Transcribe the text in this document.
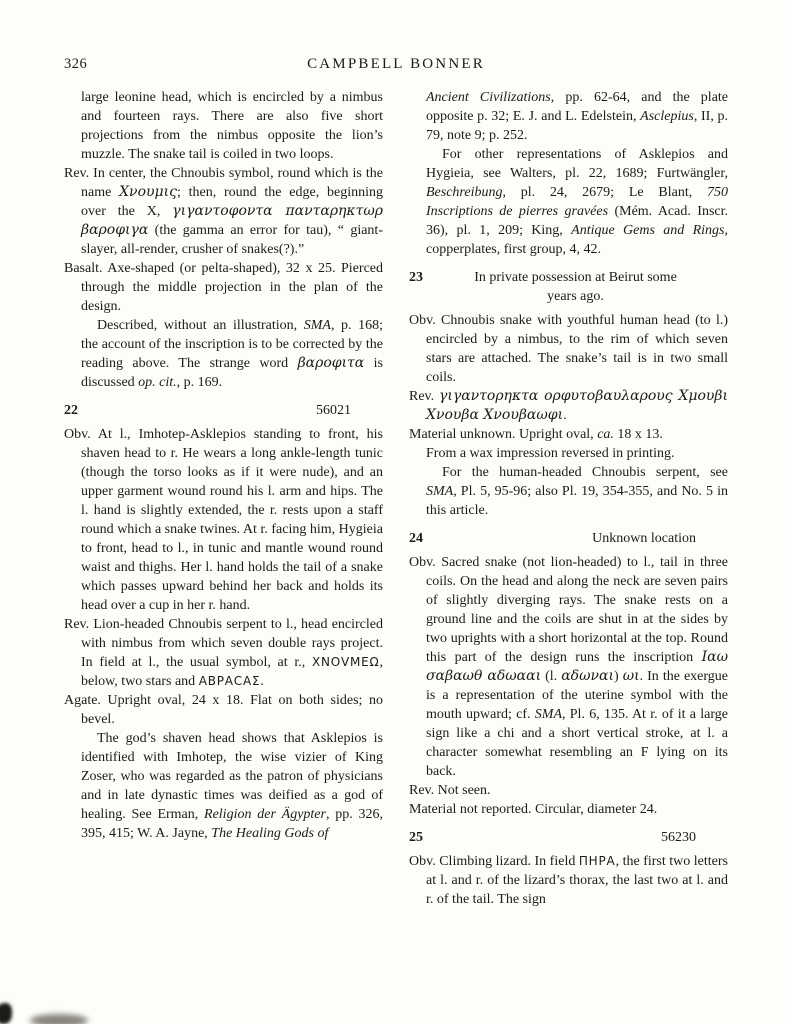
326	CAMPBELL BONNER

large leonine head, which is encircled by a nimbus and fourteen rays. There are also five short projections from the nimbus opposite the lion’s muzzle. The snake tail is coiled in two loops.

Rev. In center, the Chnoubis symbol, round which is the name Χνουμις; then, round the edge, beginning over the X, γιγαντοφοντα πανταρηκτωρ βαροφιγα (the gamma an error for tau), “ giant-slayer, all-render, crusher of snakes(?).”

Basalt. Axe-shaped (or pelta-shaped), 32 x 25. Pierced through the middle projection in the plan of the design.

Described, without an illustration, SMA, p. 168; the account of the inscription is to be corrected by the reading above. The strange word βαροφιτα is discussed op. cit., p. 169.

22	56021

Obv. At l., Imhotep-Asklepios standing to front, his shaven head to r. He wears a long ankle-length tunic (though the torso looks as if it were nude), and an upper garment wound round his l. arm and hips. The l. hand is slightly extended, the r. rests upon a staff round which a snake twines. At r. facing him, Hygieia to front, head to l., in tunic and mantle wound round waist and thighs. Her l. hand holds the tail of a snake which passes upward behind her back and holds its head over a cup in her r. hand.

Rev. Lion-headed Chnoubis serpent to l., head encircled with nimbus from which seven double rays project. In field at l., the usual symbol, at r., ΧΝΟVΜΕΩ, below, two stars and ΑΒΡΑCΑΣ.

Agate. Upright oval, 24 x 18. Flat on both sides; no bevel.

The god’s shaven head shows that Asklepios is identified with Imhotep, the wise vizier of King Zoser, who was regarded as the patron of physicians and in late dynastic times was deified as a god of healing. See Erman, Religion der Ägypter, pp. 326, 395, 415; W. A. Jayne, The Healing Gods of

Ancient Civilizations, pp. 62-64, and the plate opposite p. 32; E. J. and L. Edelstein, Asclepius, II, p. 79, note 9; p. 252.

For other representations of Asklepios and Hygieia, see Walters, pl. 22, 1689; Furtwängler, Beschreibung, pl. 24, 2679; Le Blant, 750 Inscriptions de pierres gravées (Mém. Acad. Inscr. 36), pl. 1, 209; King, Antique Gems and Rings, copperplates, first group, 4, 42.

23	In private possession at Beirut some
years ago.

Obv. Chnoubis snake with youthful human head (to l.) encircled by a nimbus, to the rim of which seven stars are attached. The snake’s tail is in two small coils.

Rev. γιγαντορηκτα ορφυτοβαυλαρους Χμουβι Χνουβα Χνουβαωφι.

Material unknown. Upright oval, ca. 18 x 13.

From a wax impression reversed in printing.

For the human-headed Chnoubis serpent, see SMA, Pl. 5, 95-96; also Pl. 19, 354-355, and No. 5 in this article.

24	Unknown location

Obv. Sacred snake (not lion-headed) to l., tail in three coils. On the head and along the neck are seven pairs of slightly diverging rays. The snake rests on a ground line and the coils are shut in at the sides by two uprights with a short horizontal at the top. Round this part of the design runs the inscription Ιαω σαβαωθ αδωααι (l. αδωναι) ωι. In the exergue is a representation of the uterine symbol with the mouth upward; cf. SMA, Pl. 6, 135. At r. of it a large sign like a chi and a short vertical stroke, at l. a character somewhat resembling an F lying on its back.

Rev. Not seen.

Material not reported. Circular, diameter 24.

25	56230

Obv. Climbing lizard. In field ΠΗΡΑ, the first two letters at l. and r. of the lizard’s thorax, the last two at l. and r. of the tail. The sign
